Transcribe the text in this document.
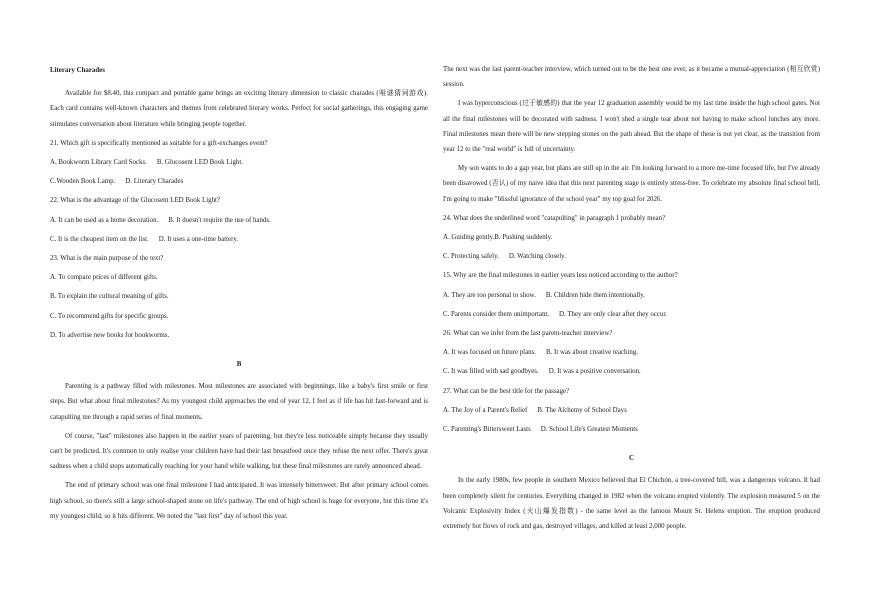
Literary Charades

Available for $8.40, this compact and portable game brings an exciting literary dimension to classic charades (哑谜猜词游戏). Each card contains well-known characters and themes from celebrated literary works. Perfect for social gatherings, this engaging game stimulates conversation about literature while bringing people together.

21. Which gift is specifically mentioned as suitable for a gift-exchanges event?

A. Bookworm Library Card Socks. B. Glucosent LED Book Light.

C.Wooden Book Lamp. D. Literary Charades

22. What is the advantage of the Glucosent LED Book Light?

A. It can be used as a home decoration. B. It doesn't require the use of hands.

C. It is the cheapest item on the list. D. It uses a one-time battery.

23. What is the main purpose of the text?

A. To compare prices of different gifts.

B. To explain the cultural meaning of gifts.

C. To recommend gifts for specific groups.

D. To advertise new books for bookworms.

B

Parenting is a pathway filled with milestones. Most milestones are associated with beginnings, like a baby's first smile or first steps. But what about final milestones? As my youngest child approaches the end of year 12, I feel as if life has hit fast-forward and is catapulting me through a rapid series of final moments.

Of course, "last" milestones also happen in the earlier years of parenting, but they're less noticeable simply because they usually can't be predicted. It's common to only realise your children have had their last breastfeed once they refuse the next offer. There's great sadness when a child stops automatically reaching for your hand while walking, but these final milestones are rarely announced ahead.

The end of primary school was one final milestone I had anticipated. It was intensely bittersweet. But after primary school comes high school, so there's still a large school-shaped stone on life's pathway. The end of high school is huge for everyone, but this time it's my youngest child, so it hits different. We noted the "last first" day of school this year.

The next was the last parent-teacher interview, which turned out to be the best one ever, as it became a mutual-appreciation (相互欣赏) session.

I was hyperconscious (过于敏感的) that the year 12 graduation assembly would be my last time inside the high school gates. Not all the final milestones will be decorated with sadness. I won't shed a single tear about not having to make school lunches any more. Final milestones mean there will be new stepping stones on the path ahead. But the shape of these is not yet clear, as the transition from year 12 to the "real world" is full of uncertainty.

My son wants to do a gap year, but plans are still up in the air. I'm looking forward to a more me-time focused life, but I've already been disavowed (否认) of my naive idea that this next parenting stage is entirely stress-free. To celebrate my absolute final school bell, I'm going to make "blissful ignorance of the school year" my top goal for 2026.

24. What does the underlined word "catapulting" in paragraph 1 probably mean?

A. Guiding gently.B. Pushing suddenly.

C. Protecting safely. D. Watching closely.

15. Why are the final milestones in earlier years less noticed according to the author?

A. They are too personal to show. B. Children hide them intentionally.

C. Parents consider them unimportant. D. They are only clear after they occur.

26. What can we infer from the last parent-teacher interview?

A. It was focused on future plans. B. It was about creative teaching.

C. It was filled with sad goodbyes. D. It was a positive conversation.

27. What can be the best title for the passage?

A. The Joy of a Parent's Relief B. The Alchemy of School Days

C. Parenting's Bittersweet Lasts D. School Life's Greatest Moments

C

In the early 1980s, few people in southern Mexico believed that El Chichón, a tree-covered hill, was a dangerous volcano. It had been completely silent for centuries. Everything changed in 1982 when the volcano erupted violently. The explosion measured 5 on the Volcanic Explosivity Index (火山爆发指数) - the same level as the famous Mount St. Helens eruption. The eruption produced extremely hot flows of rock and gas, destroyed villages, and killed at least 2,000 people.
